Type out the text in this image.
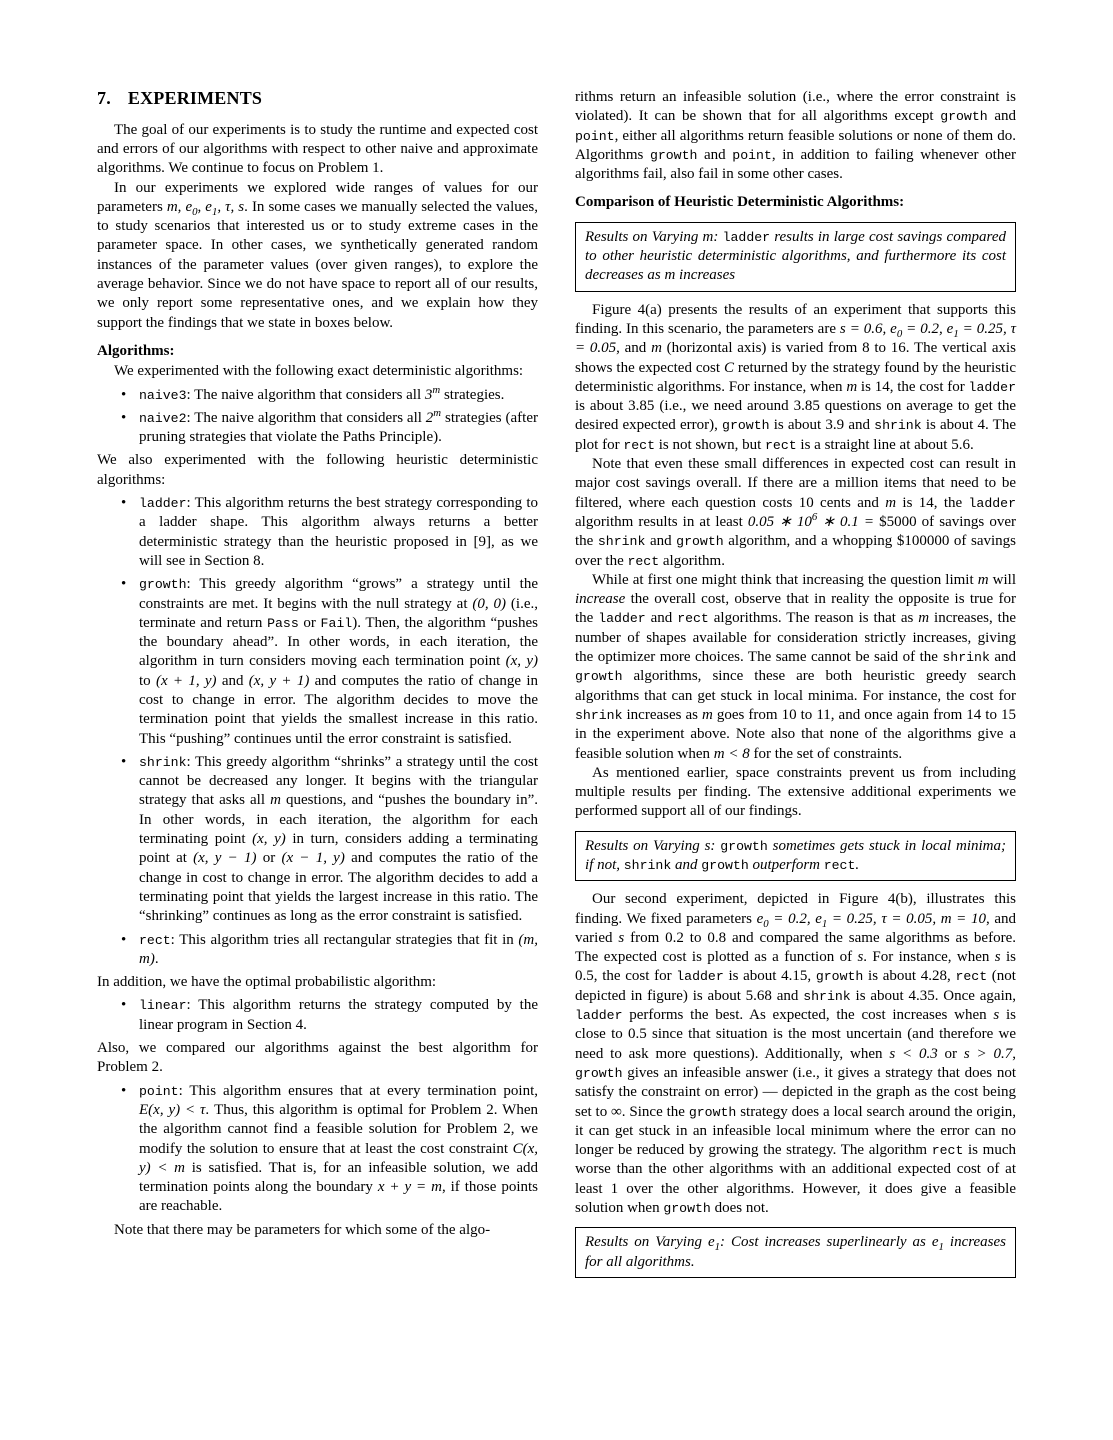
7. EXPERIMENTS

The goal of our experiments is to study the runtime and expected cost and errors of our algorithms with respect to other naive and approximate algorithms. We continue to focus on Problem 1.

In our experiments we explored wide ranges of values for our parameters m, $e_0$, $e_1$, τ, s. In some cases we manually selected the values, to study scenarios that interested us or to study extreme cases in the parameter space. In other cases, we synthetically generated random instances of the parameter values (over given ranges), to explore the average behavior. Since we do not have space to report all of our results, we only report some representative ones, and we explain how they support the findings that we state in boxes below.

Algorithms:

We experimented with the following exact deterministic algorithms:

• naive3: The naive algorithm that considers all 3$^m$ strategies.
• naive2: The naive algorithm that considers all 2$^m$ strategies (after pruning strategies that violate the Paths Principle).

We also experimented with the following heuristic deterministic algorithms:

• ladder: This algorithm returns the best strategy corresponding to a ladder shape. This algorithm always returns a better deterministic strategy than the heuristic proposed in [9], as we will see in Section 8.
• growth: This greedy algorithm “grows” a strategy until the constraints are met. It begins with the null strategy at (0, 0) (i.e., terminate and return Pass or Fail). Then, the algorithm “pushes the boundary ahead”. In other words, in each iteration, the algorithm in turn considers moving each termination point (x, y) to (x + 1, y) and (x, y + 1) and computes the ratio of change in cost to change in error. The algorithm decides to move the termination point that yields the smallest increase in this ratio. This “pushing” continues until the error constraint is satisfied.
• shrink: This greedy algorithm “shrinks” a strategy until the cost cannot be decreased any longer. It begins with the triangular strategy that asks all m questions, and “pushes the boundary in”. In other words, in each iteration, the algorithm for each terminating point (x, y) in turn, considers adding a terminating point at (x, y − 1) or (x − 1, y) and computes the ratio of the change in cost to change in error. The algorithm decides to add a terminating point that yields the largest increase in this ratio. The “shrinking” continues as long as the error constraint is satisfied.
• rect: This algorithm tries all rectangular strategies that fit in (m, m).

In addition, we have the optimal probabilistic algorithm:

• linear: This algorithm returns the strategy computed by the linear program in Section 4.

Also, we compared our algorithms against the best algorithm for Problem 2.

• point: This algorithm ensures that at every termination point, E(x, y) < τ. Thus, this algorithm is optimal for Problem 2. When the algorithm cannot find a feasible solution for Problem 2, we modify the solution to ensure that at least the cost constraint C(x, y) < m is satisfied. That is, for an infeasible solution, we add termination points along the boundary x + y = m, if those points are reachable.

Note that there may be parameters for which some of the algo-

rithms return an infeasible solution (i.e., where the error constraint is violated). It can be shown that for all algorithms except growth and point, either all algorithms return feasible solutions or none of them do. Algorithms growth and point, in addition to failing whenever other algorithms fail, also fail in some other cases.

Comparison of Heuristic Deterministic Algorithms:

Results on Varying m: ladder results in large cost savings compared to other heuristic deterministic algorithms, and furthermore its cost decreases as m increases

Figure 4(a) presents the results of an experiment that supports this finding. In this scenario, the parameters are s = 0.6, $e_0 = 0.2$, $e_1 = 0.25$, τ = 0.05, and m (horizontal axis) is varied from 8 to 16. The vertical axis shows the expected cost C returned by the strategy found by the heuristic deterministic algorithms. For instance, when m is 14, the cost for ladder is about 3.85 (i.e., we need around 3.85 questions on average to get the desired expected error), growth is about 3.9 and shrink is about 4. The plot for rect is not shown, but rect is a straight line at about 5.6.

Note that even these small differences in expected cost can result in major cost savings overall. If there are a million items that need to be filtered, where each question costs 10 cents and m is 14, the ladder algorithm results in at least 0.05 ∗ $10^6$ ∗ 0.1 = $5000 of savings over the shrink and growth algorithm, and a whopping $100000 of savings over the rect algorithm.

While at first one might think that increasing the question limit m will increase the overall cost, observe that in reality the opposite is true for the ladder and rect algorithms. The reason is that as m increases, the number of shapes available for consideration strictly increases, giving the optimizer more choices. The same cannot be said of the shrink and growth algorithms, since these are both heuristic greedy search algorithms that can get stuck in local minima. For instance, the cost for shrink increases as m goes from 10 to 11, and once again from 14 to 15 in the experiment above. Note also that none of the algorithms give a feasible solution when m < 8 for the set of constraints.

As mentioned earlier, space constraints prevent us from including multiple results per finding. The extensive additional experiments we performed support all of our findings.

Results on Varying s: growth sometimes gets stuck in local minima; if not, shrink and growth outperform rect.

Our second experiment, depicted in Figure 4(b), illustrates this finding. We fixed parameters $e_0 = 0.2$, $e_1 = 0.25$, τ = 0.05, m = 10, and varied s from 0.2 to 0.8 and compared the same algorithms as before. The expected cost is plotted as a function of s. For instance, when s is 0.5, the cost for ladder is about 4.15, growth is about 4.28, rect (not depicted in figure) is about 5.68 and shrink is about 4.35. Once again, ladder performs the best. As expected, the cost increases when s is close to 0.5 since that situation is the most uncertain (and therefore we need to ask more questions). Additionally, when s < 0.3 or s > 0.7, growth gives an infeasible answer (i.e., it gives a strategy that does not satisfy the constraint on error) — depicted in the graph as the cost being set to ∞. Since the growth strategy does a local search around the origin, it can get stuck in an infeasible local minimum where the error can no longer be reduced by growing the strategy. The algorithm rect is much worse than the other algorithms with an additional expected cost of at least 1 over the other algorithms. However, it does give a feasible solution when growth does not.

Results on Varying $e_1$: Cost increases superlinearly as $e_1$ increases for all algorithms.
